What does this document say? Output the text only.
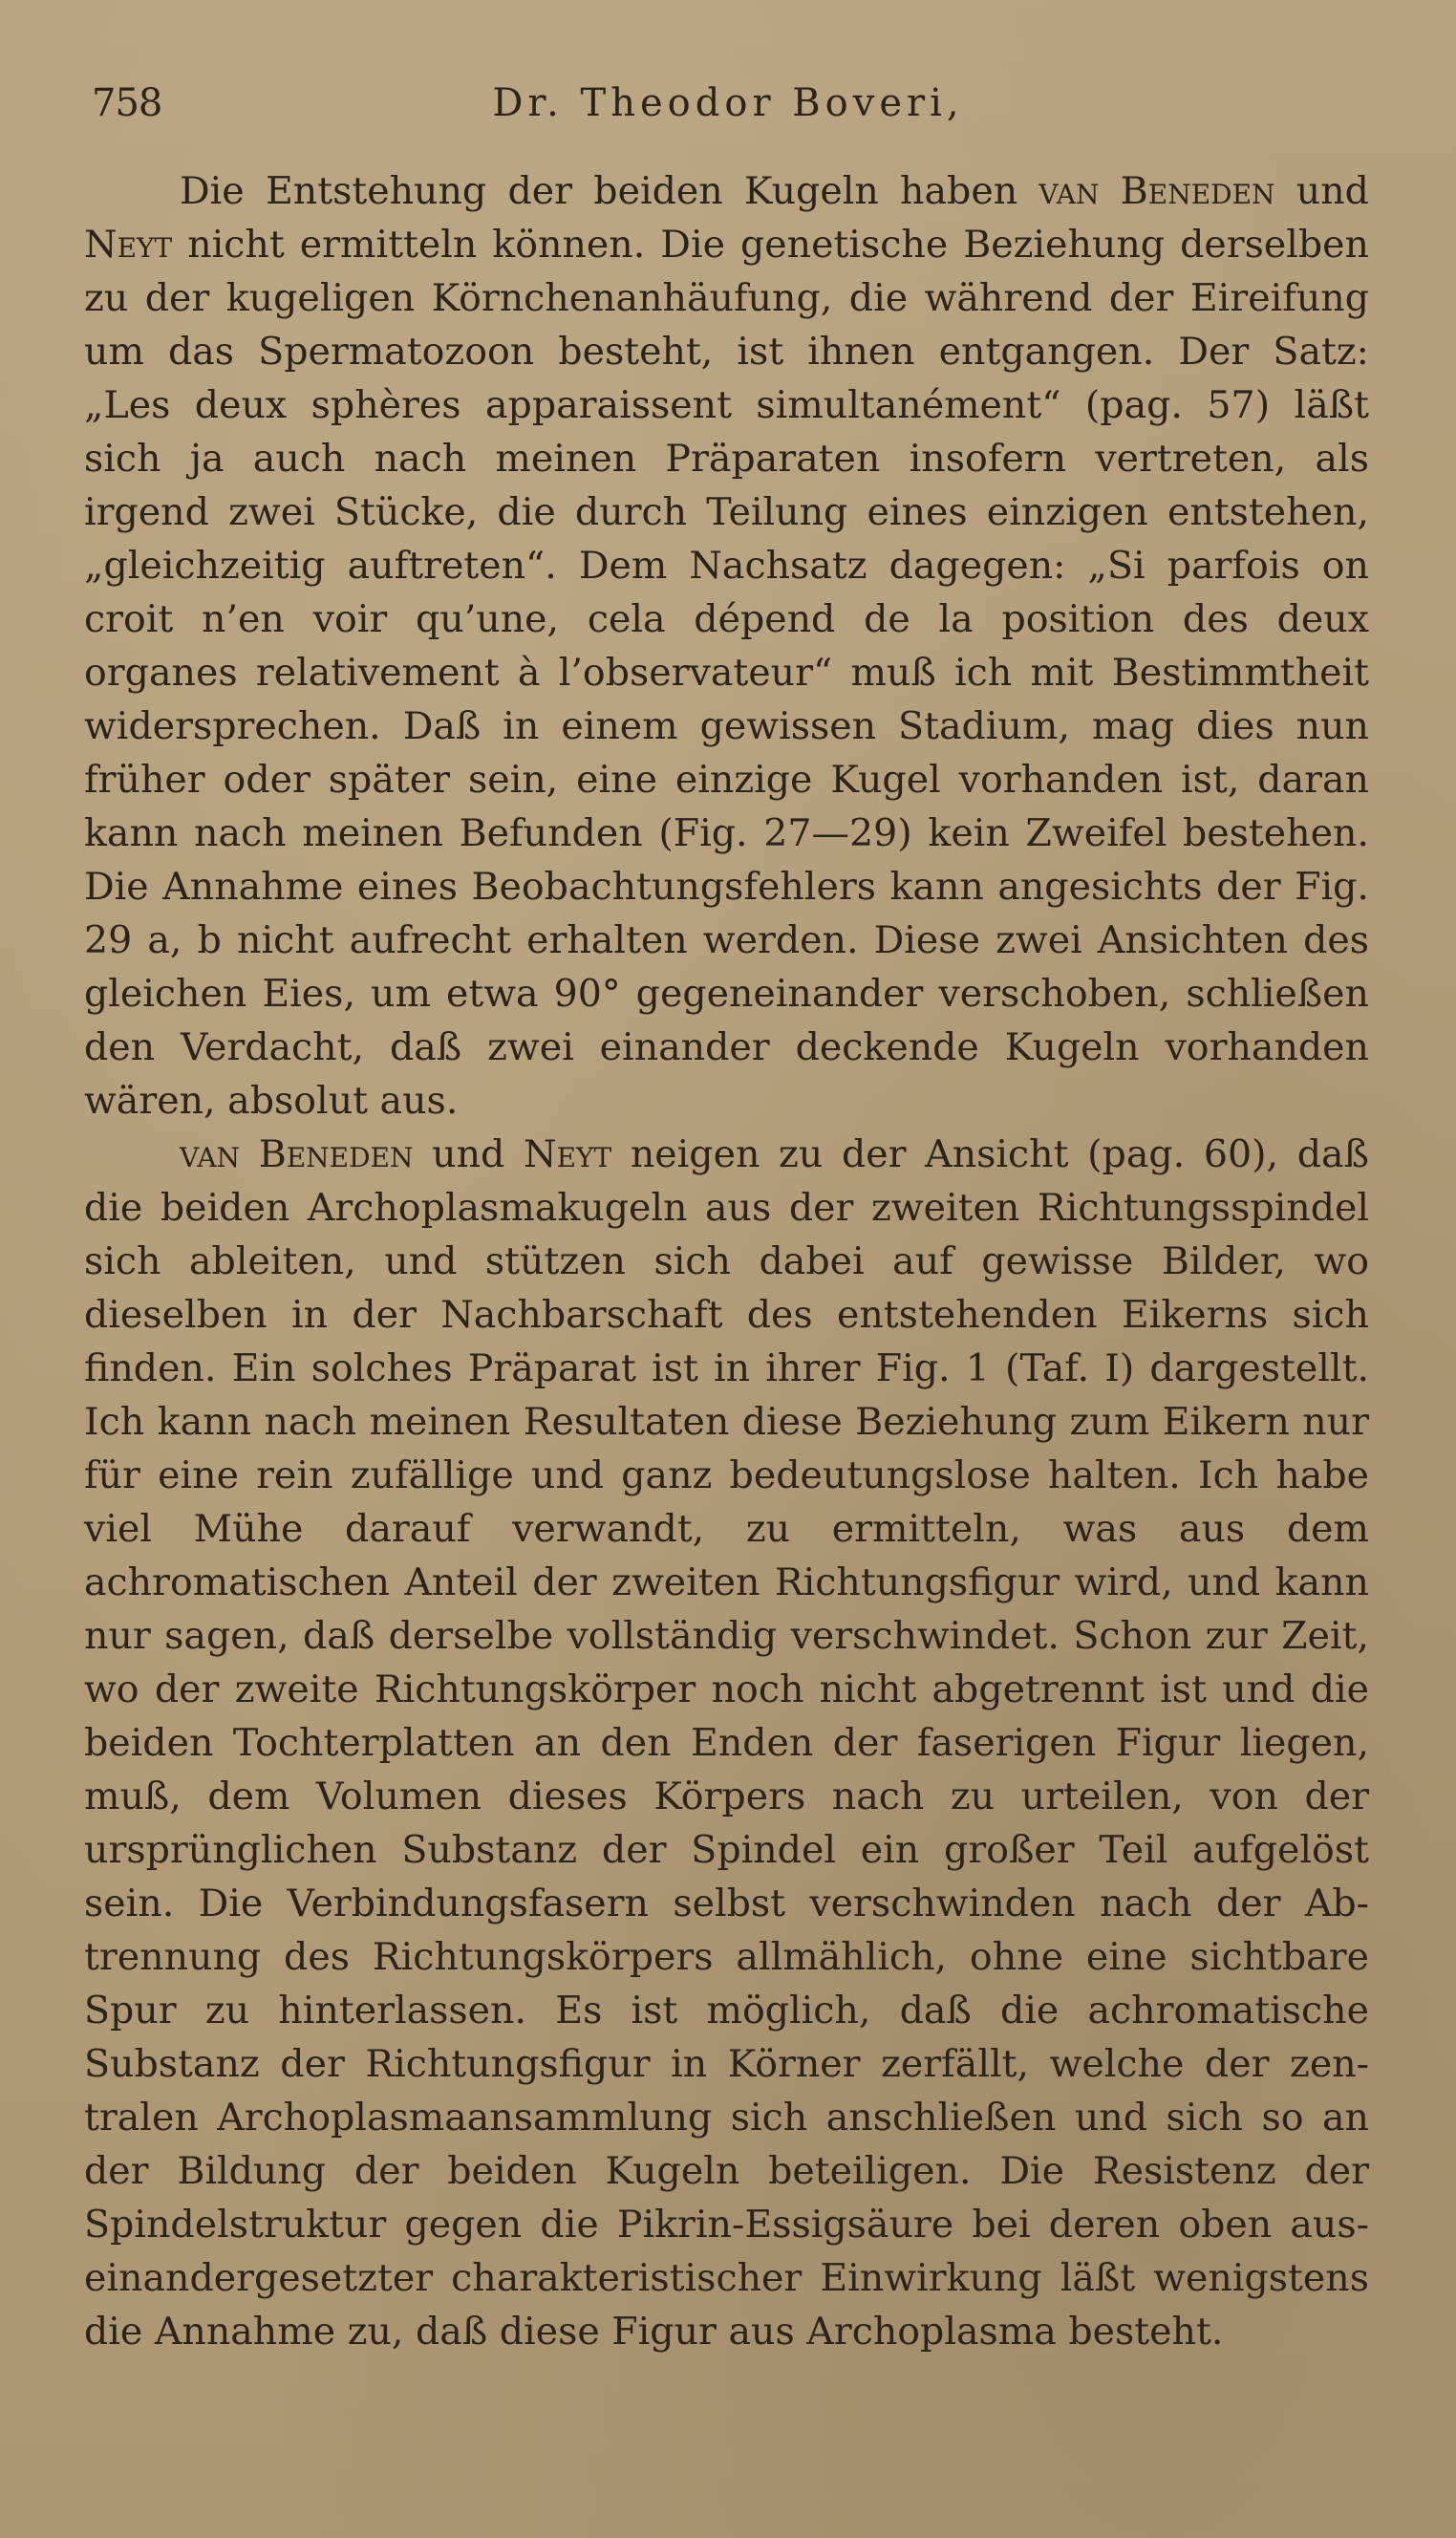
758	Dr. Theodor Boveri,

Die Entstehung der beiden Kugeln haben van Beneden und Neyt nicht ermitteln können. Die genetische Beziehung derselben zu der kugeligen Körnchenanhäufung, die während der Eireifung um das Spermatozoon besteht, ist ihnen entgangen. Der Satz: „Les deux sphères apparaissent simultanément“ (pag. 57) läßt sich ja auch nach meinen Präparaten insofern vertreten, als irgend zwei Stücke, die durch Teilung eines einzigen entstehen, „gleichzeitig auftreten“. Dem Nachsatz dagegen: „Si parfois on croit n’en voir qu’une, cela dépend de la position des deux organes relativement à l’observateur“ muß ich mit Bestimmtheit widersprechen. Daß in einem gewissen Stadium, mag dies nun früher oder später sein, eine einzige Kugel vorhanden ist, daran kann nach meinen Befunden (Fig. 27—29) kein Zweifel bestehen. Die Annahme eines Beobachtungsfehlers kann angesichts der Fig. 29 a, b nicht aufrecht erhalten werden. Diese zwei Ansichten des gleichen Eies, um etwa 90° gegeneinander verschoben, schließen den Verdacht, daß zwei einander deckende Kugeln vorhanden wären, absolut aus.

van Beneden und Neyt neigen zu der Ansicht (pag. 60), daß die beiden Archoplasmakugeln aus der zweiten Richtungsspindel sich ableiten, und stützen sich dabei auf gewisse Bilder, wo dieselben in der Nachbarschaft des entstehenden Eikerns sich finden. Ein solches Präparat ist in ihrer Fig. 1 (Taf. I) dargestellt. Ich kann nach meinen Resultaten diese Beziehung zum Eikern nur für eine rein zufällige und ganz bedeutungslose halten. Ich habe viel Mühe darauf verwandt, zu ermitteln, was aus dem achromatischen Anteil der zweiten Richtungsfigur wird, und kann nur sagen, daß derselbe vollständig verschwindet. Schon zur Zeit, wo der zweite Richtungskörper noch nicht abgetrennt ist und die beiden Tochterplatten an den Enden der faserigen Figur liegen, muß, dem Volumen dieses Körpers nach zu urteilen, von der ursprünglichen Substanz der Spindel ein großer Teil aufgelöst sein. Die Verbindungsfasern selbst verschwinden nach der Abtrennung des Richtungskörpers allmählich, ohne eine sichtbare Spur zu hinterlassen. Es ist möglich, daß die achromatische Substanz der Richtungsfigur in Körner zerfällt, welche der zentralen Archoplasmaansammlung sich anschließen und sich so an der Bildung der beiden Kugeln beteiligen. Die Resistenz der Spindelstruktur gegen die Pikrin-Essigsäure bei deren oben auseinandergesetzter charakteristischer Einwirkung läßt wenigstens die Annahme zu, daß diese Figur aus Archoplasma besteht.
